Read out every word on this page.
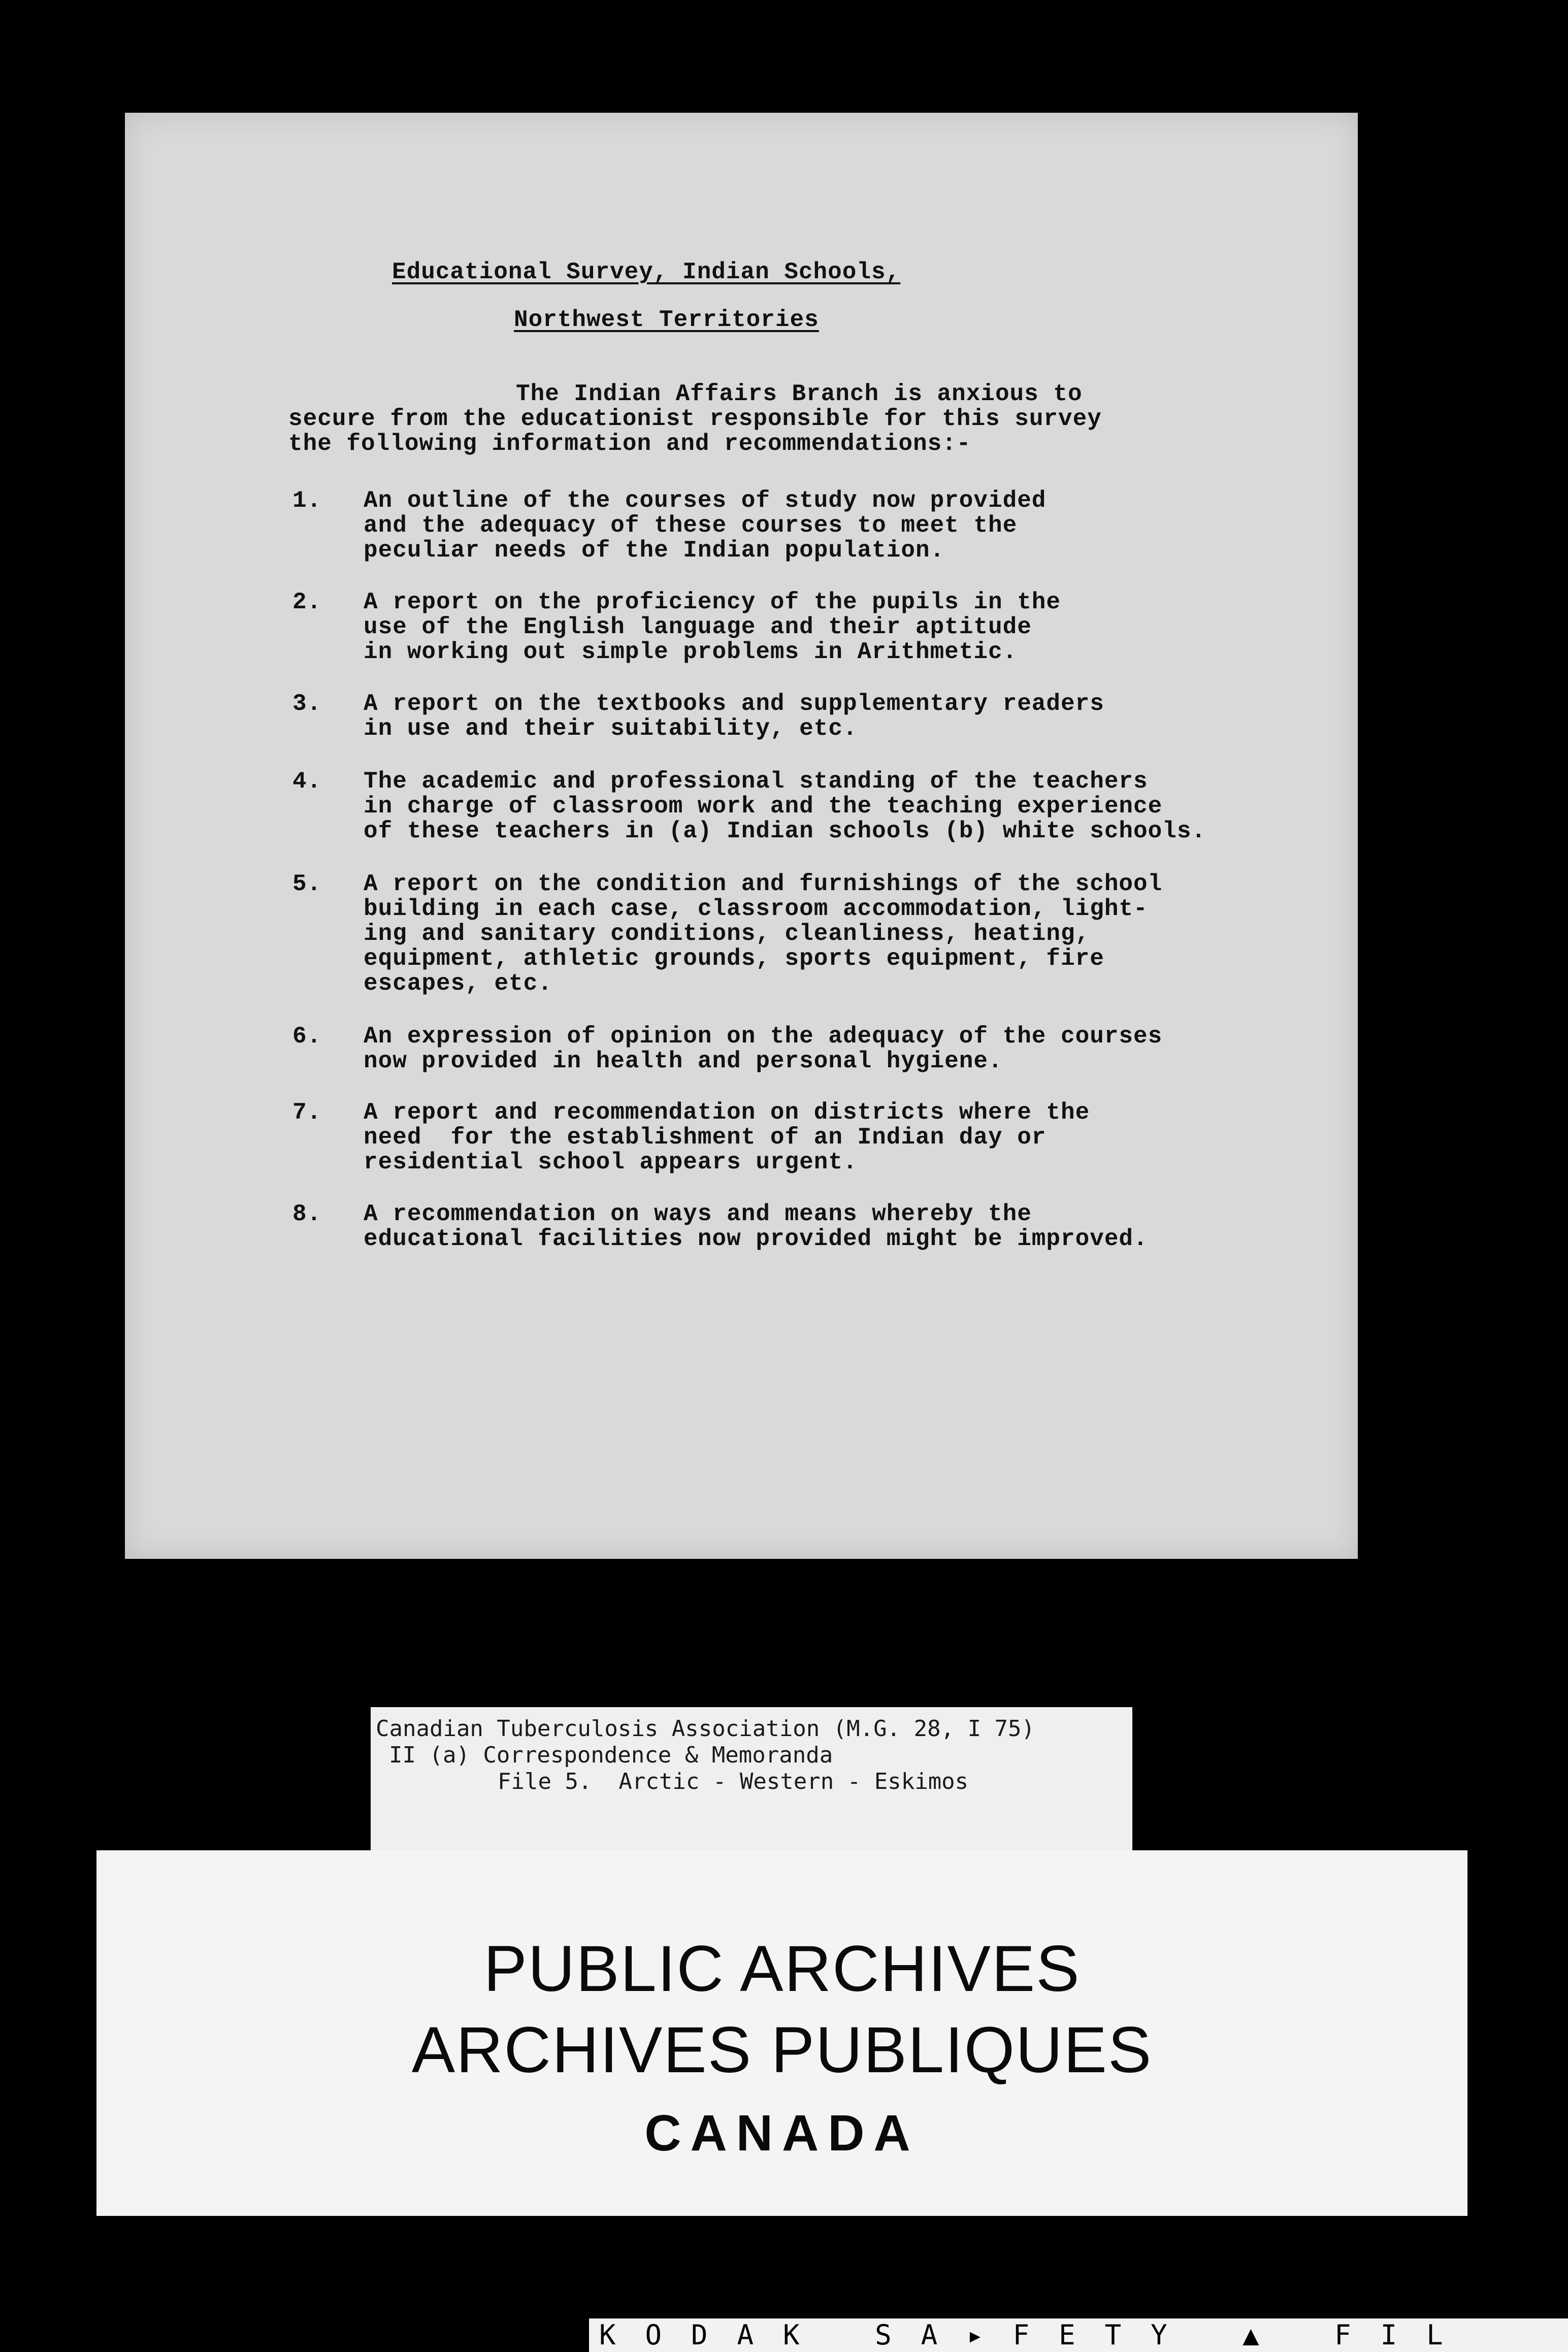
Educational Survey, Indian Schools,
Northwest Territories
The Indian Affairs Branch is anxious to
secure from the educationist responsible for this survey
the following information and recommendations:-
1. An outline of the courses of study now provided
and the adequacy of these courses to meet the
peculiar needs of the Indian population.
2. A report on the proficiency of the pupils in the
use of the English language and their aptitude
in working out simple problems in Arithmetic.
3. A report on the textbooks and supplementary readers
in use and their suitability, etc.
4. The academic and professional standing of the teachers
in charge of classroom work and the teaching experience
of these teachers in (a) Indian schools (b) white schools.
5. A report on the condition and furnishings of the school
building in each case, classroom accommodation, light-
ing and sanitary conditions, cleanliness, heating,
equipment, athletic grounds, sports equipment, fire
escapes, etc.
6. An expression of opinion on the adequacy of the courses
now provided in health and personal hygiene.
7. A report and recommendation on districts where the
need  for the establishment of an Indian day or
residential school appears urgent.
8. A recommendation on ways and means whereby the
educational facilities now provided might be improved.

Canadian Tuberculosis Association (M.G. 28, I 75)

II (a) Correspondence & Memoranda

File 5.  Arctic - Western - Eskimos

PUBLIC ARCHIVES
ARCHIVES PUBLIQUES
CANADA
KODAK SA▸FETY ▲ FIL
